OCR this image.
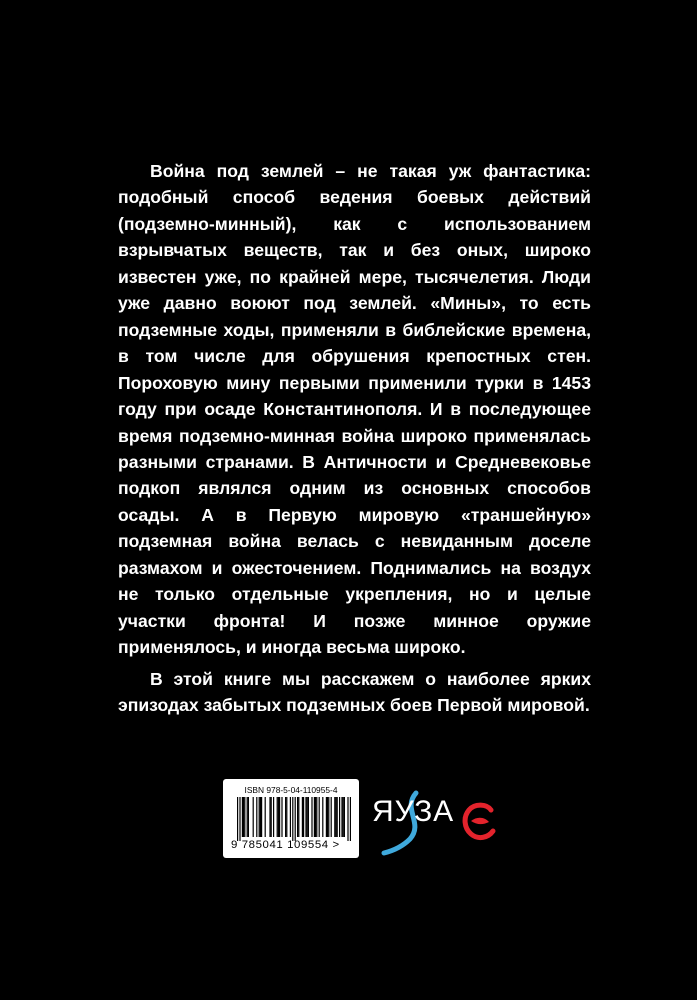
Война под землей – не такая уж фантастика: подобный способ ведения боевых действий (подземно-минный), как с использованием взрывчатых веществ, так и без оных, широко известен уже, по крайней мере, тысячелетия. Люди уже давно воюют под землей. «Мины», то есть подземные ходы, применяли в библейские времена, в том числе для обрушения крепостных стен. Пороховую мину первыми применили турки в 1453 году при осаде Константинополя. И в последующее время подземно-минная война широко применялась разными странами. В Античности и Средневековье подкоп являлся одним из основных способов осады. А в Первую мировую «траншейную» подземная война велась с невиданным доселе размахом и ожесточением. Поднимались на воздух не только отдельные укрепления, но и целые участки фронта! И позже минное оружие применялось, и иногда весьма широко.

В этой книге мы расскажем о наиболее ярких эпизодах забытых подземных боев Первой мировой.

ISBN 978-5-04-110955-4
9 785041 109554 >
ЯУЗА
